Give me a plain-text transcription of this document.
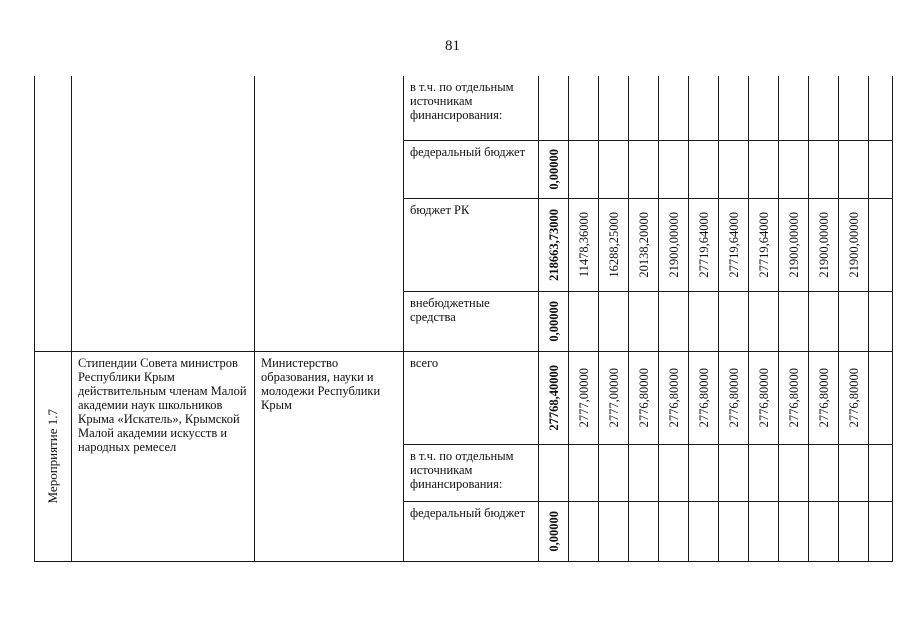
81

			в т.ч. по отдельным источникам финансирования:												

			федеральный бюджет	0,00000											

			бюджет РК	218663,73000	11478,36000	16288,25000	20138,20000	21900,00000	27719,64000	27719,64000	27719,64000	21900,00000	21900,00000	21900,00000	

			внебюджетные средства	0,00000											

Мероприятие 1.7	Стипендии Совета министров Республики Крым действительным членам Малой академии наук школьников Крыма «Искатель», Крымской Малой академии искусств и народных ремесел	Министерство образования, науки и молодежи Республики Крым	всего	27768,40000	2777,00000	2777,00000	2776,80000	2776,80000	2776,80000	2776,80000	2776,80000	2776,80000	2776,80000	2776,80000	

			в т.ч. по отдельным источникам финансирования:												

			федеральный бюджет	0,00000											
